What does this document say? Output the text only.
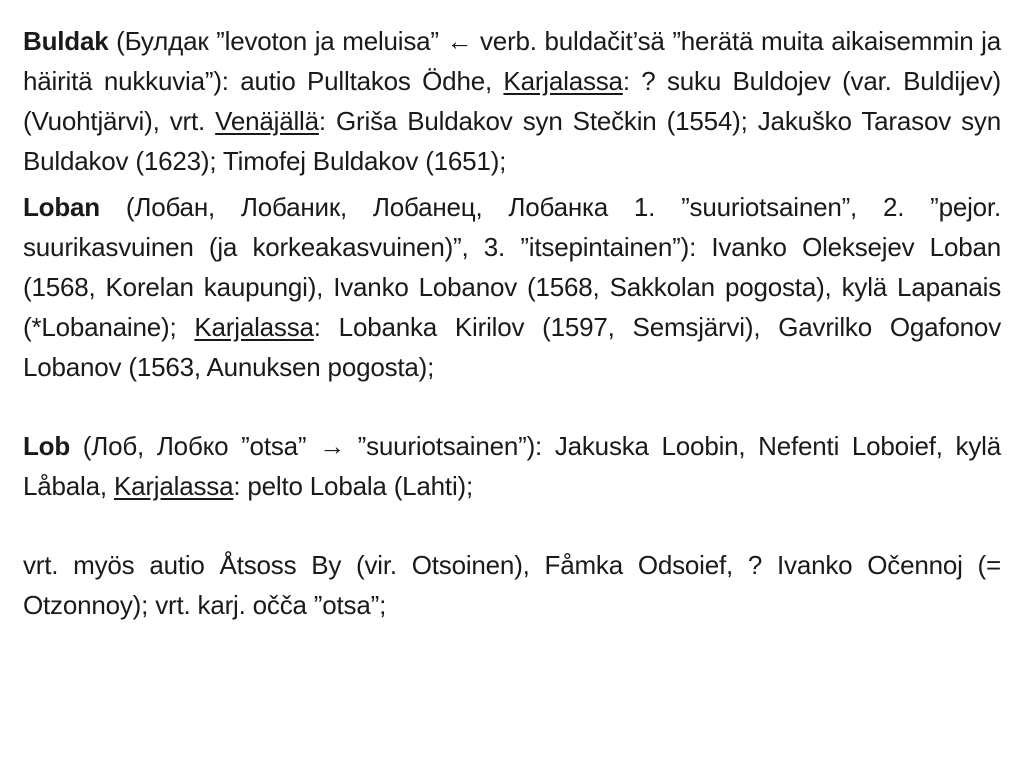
Buldak (Булдак ”levoton ja meluisa” ← verb. buldačit’sä ”herätä muita aikaisemmin ja häiritä nukkuvia”): autio Pulltakos Ödhe, Karjalassa: ? suku Buldojev (var. Buldijev) (Vuohtjärvi), vrt. Venäjällä: Griša Buldakov syn Stečkin (1554); Jakuško Tarasov syn Buldakov (1623); Timofej Buldakov (1651);

Loban (Лобан, Лобаник, Лобанец, Лобанка 1. ”suuriotsainen”, 2. ”pejor. suurikasvuinen (ja korkeakasvuinen)”, 3. ”itsepintainen”): Ivanko Oleksejev Loban (1568, Korelan kaupungi), Ivanko Lobanov (1568, Sakkolan pogosta), kylä Lapanais (*Lobanaine); Karjalassa: Lobanka Kirilov (1597, Semsjärvi), Gavrilko Ogafonov Lobanov (1563, Aunuksen pogosta);

Lob (Лоб, Лобко ”otsa” → ”suuriotsainen”): Jakuska Loobin, Nefenti Loboief, kylä Låbala, Karjalassa: pelto Lobala (Lahti);

vrt. myös autio Åtsoss By (vir. Otsoinen), Fåmka Odsoief, ? Ivanko Očennoj (= Otzonnoy); vrt. karj. očča ”otsa”;
